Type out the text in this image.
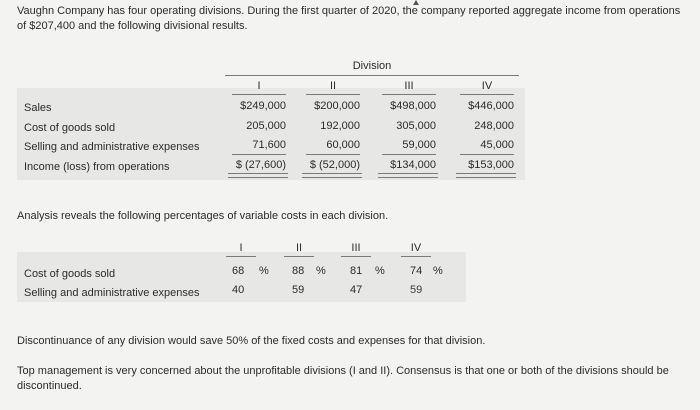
Vaughn Company has four operating divisions. During the first quarter of 2020, the company reported aggregate income from operations of $207,400 and the following divisional results.
Division
I	II	III	IV
Sales	$249,000	$200,000	$498,000	$446,000
Cost of goods sold	205,000	192,000	305,000	248,000
Selling and administrative expenses	71,600	60,000	59,000	45,000
Income (loss) from operations	$ (27,600)	$ (52,000)	$134,000	$153,000
Analysis reveals the following percentages of variable costs in each division.
I	II	III	IV
Cost of goods sold	68 % 88 % 81 % 74 %
Selling and administrative expenses	40	59	47	59
Discontinuance of any division would save 50% of the fixed costs and expenses for that division.
Top management is very concerned about the unprofitable divisions (I and II). Consensus is that one or both of the divisions should be discontinued.
